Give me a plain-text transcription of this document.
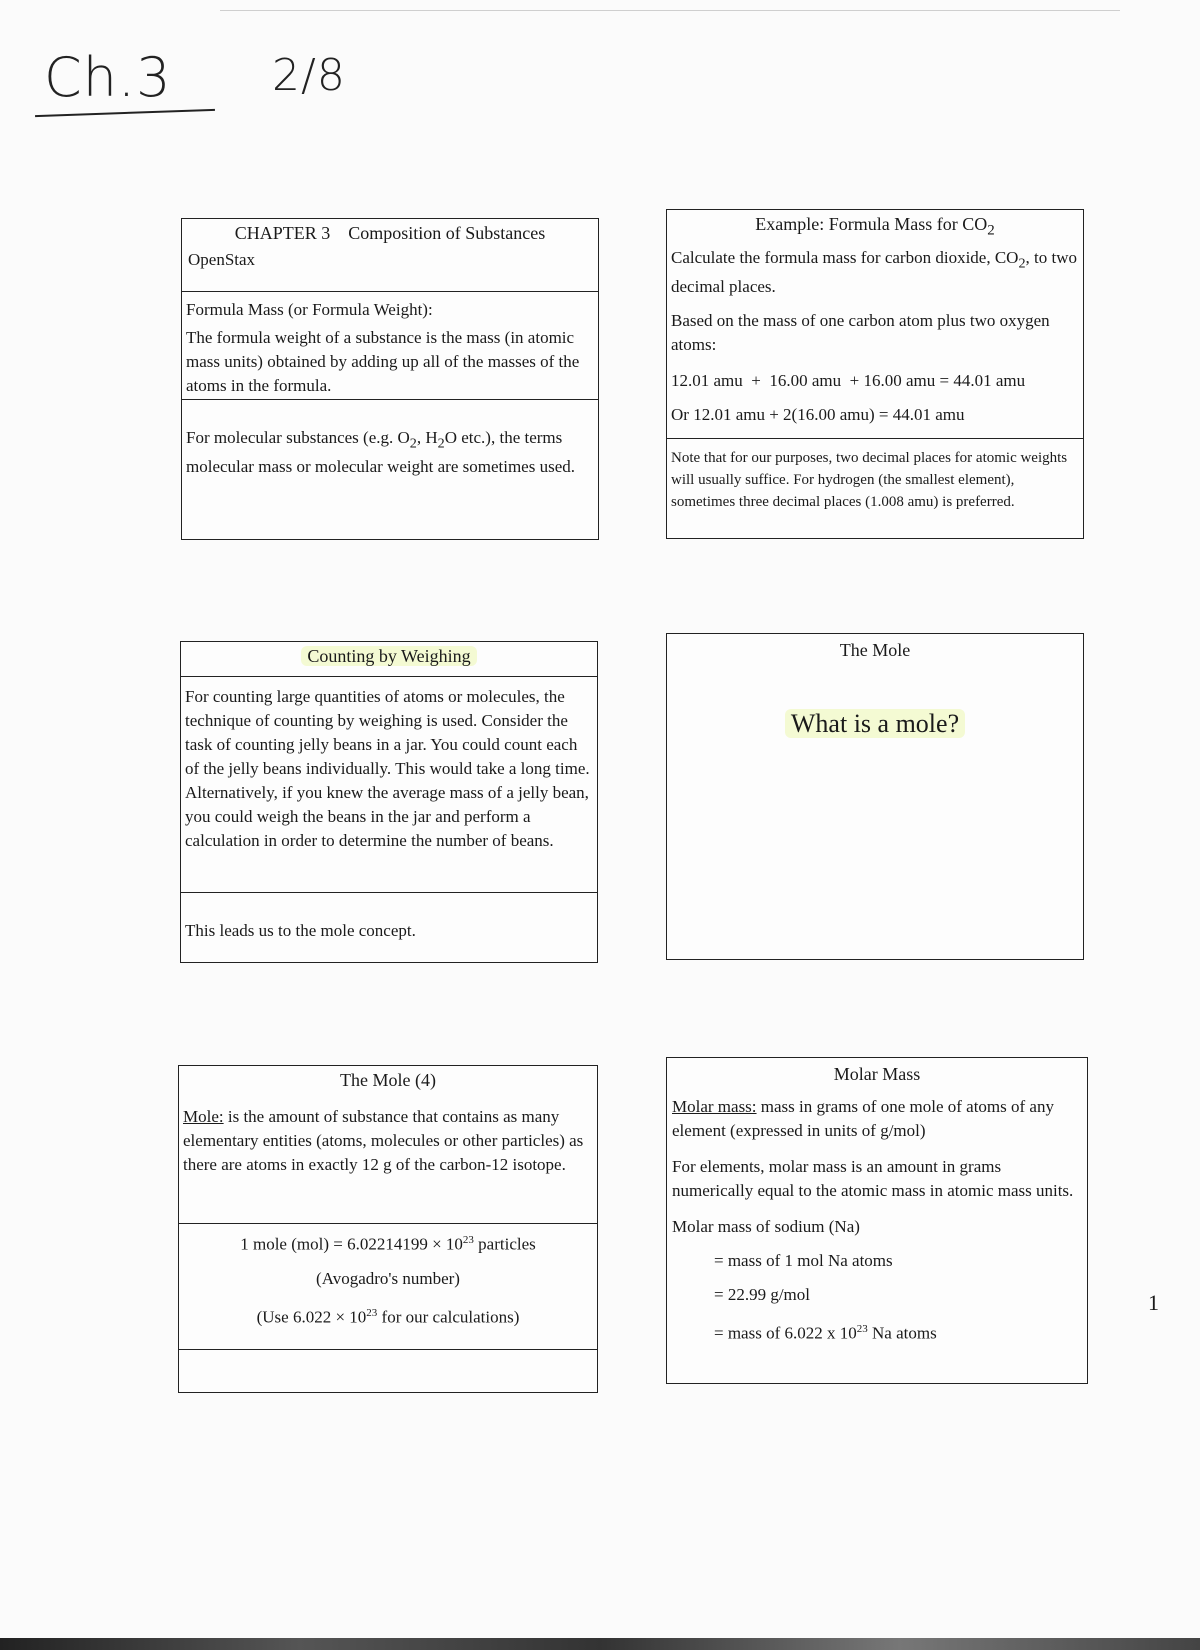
Ch.3 2/8

CHAPTER 3    Composition of Substances

OpenStax

Formula Mass (or Formula Weight):

The formula weight of a substance is the mass (in atomic mass units) obtained by adding up all of the masses of the atoms in the formula.

For molecular substances (e.g. $O_2$, $H_2O$ etc.), the terms molecular mass or molecular weight are sometimes used.

Example: Formula Mass for $CO_2$

Calculate the formula mass for carbon dioxide, $CO_2$, to two decimal places.

Based on the mass of one carbon atom plus two oxygen atoms:

12.01 amu  +  16.00 amu  + 16.00 amu = 44.01 amu

Or 12.01 amu + 2(16.00 amu) = 44.01 amu

Note that for our purposes, two decimal places for atomic weights will usually suffice. For hydrogen (the smallest element), sometimes three decimal places (1.008 amu) is preferred.

Counting by Weighing

For counting large quantities of atoms or molecules, the technique of counting by weighing is used. Consider the task of counting jelly beans in a jar. You could count each of the jelly beans individually. This would take a long time. Alternatively, if you knew the average mass of a jelly bean, you could weigh the beans in the jar and perform a calculation in order to determine the number of beans.

This leads us to the mole concept.

The Mole

What is a mole?

The Mole (4)

Mole: is the amount of substance that contains as many elementary entities (atoms, molecules or other particles) as there are atoms in exactly 12 g of the carbon-12 isotope.

1 mole $(mol) = 6.02214199 \times 10^{23}$ particles

(Avogadro's number)

(Use $6.022 \times 10^{23}$ for our calculations)

Molar Mass

Molar mass: mass in grams of one mole of atoms of any element (expressed in units of g/mol)

For elements, molar mass is an amount in grams numerically equal to the atomic mass in atomic mass units.

Molar mass of sodium (Na)

= mass of 1 mol Na atoms

= 22.99 g/mol

= mass of 6.022 x $10^{23}$ Na atoms

1
